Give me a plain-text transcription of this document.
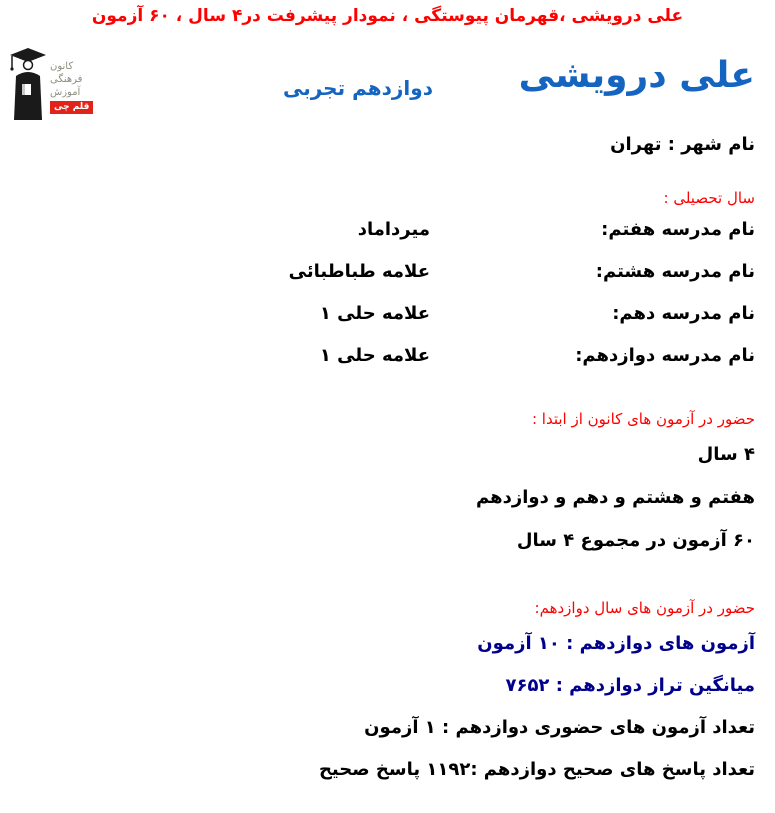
علی درویشی ،قهرمان پیوستگی ، نمودار پیشرفت در۴ سال ، ۶۰ آزمون
کانون
فرهنگی
آموزش
قلم چی
علی درویشی
دوازدهم تجربی
نام شهر : تهران
سال تحصیلی :
نام مدرسه هفتم:
میرداماد
نام مدرسه هشتم:
علامه طباطبائی
نام مدرسه دهم:
علامه حلی ۱
نام مدرسه دوازدهم:
علامه حلی ۱
حضور در آزمون های کانون از ابتدا :
۴ سال
هفتم و هشتم و دهم و دوازدهم
۶۰ آزمون در مجموع ۴ سال
حضور در آزمون های سال دوازدهم:
آزمون های دوازدهم : ۱۰ آزمون
میانگین تراز دوازدهم : ۷۶۵۲
تعداد آزمون های حضوری دوازدهم : ۱ آزمون
تعداد پاسخ های صحیح دوازدهم :۱۱۹۲ پاسخ صحیح
